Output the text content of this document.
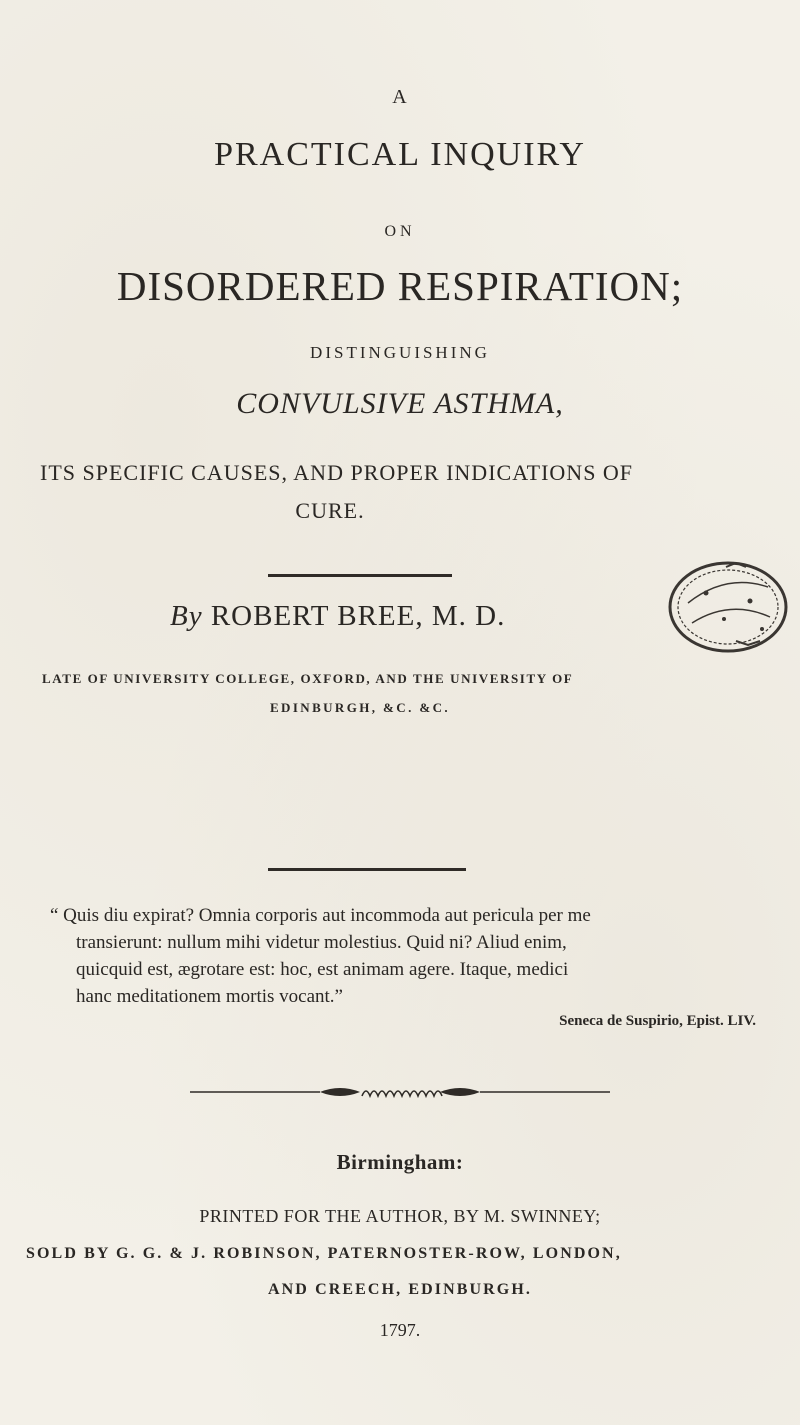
A
PRACTICAL INQUIRY
ON
DISORDERED RESPIRATION;
DISTINGUISHING
CONVULSIVE ASTHMA,
ITS SPECIFIC CAUSES, AND PROPER INDICATIONS OF
CURE.
By ROBERT BREE, M. D.
LATE OF UNIVERSITY COLLEGE, OXFORD, AND THE UNIVERSITY OF
EDINBURGH, &C. &C.
“ Quis diu expirat? Omnia corporis aut incommoda aut pericula per me
transierunt: nullum mihi videtur molestius. Quid ni? Aliud enim,
quicquid est, ægrotare est: hoc, est animam agere. Itaque, medici
hanc meditationem mortis vocant.”
Seneca de Suspirio, Epist. LIV.
Birmingham:
PRINTED FOR THE AUTHOR, BY M. SWINNEY;
SOLD BY G. G. & J. ROBINSON, PATERNOSTER-ROW, LONDON,
AND CREECH, EDINBURGH.
1797.
